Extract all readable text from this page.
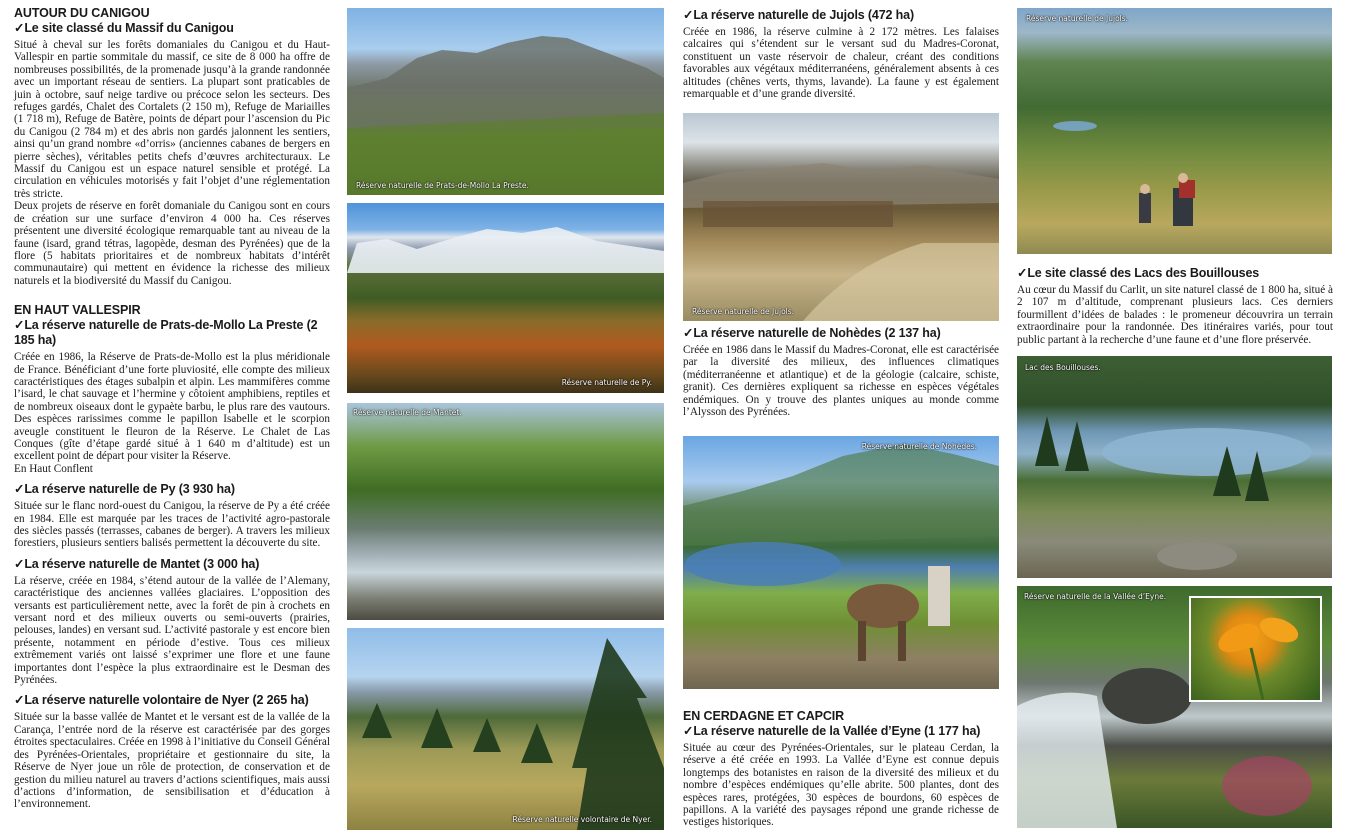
AUTOUR DU CANIGOU
✓Le site classé du Massif du Canigou

Situé à cheval sur les forêts domaniales du Canigou et du Haut-Vallespir en partie sommitale du massif, ce site de 8 000 ha offre de nombreuses possibilités, de la promenade jusqu’à la grande randonnée avec un important réseau de sentiers. La plupart sont praticables de juin à octobre, sauf neige tardive ou précoce selon les secteurs. Des refuges gardés, Chalet des Cortalets (2 150 m), Refuge de Mariailles (1 718 m), Refuge de Batère, points de départ pour l’ascension du Pic du Canigou (2 784 m) et des abris non gardés jalonnent les sentiers, ainsi qu’un grand nombre «d’orris» (anciennes cabanes de bergers en pierre sèches), véritables petits chefs d’œuvres architecturaux. Le Massif du Canigou est un espace naturel sensible et protégé. La circulation en véhicules motorisés y fait l’objet d’une réglementation très stricte.

Deux projets de réserve en forêt domaniale du Canigou sont en cours de création sur une surface d’environ 4 000 ha. Ces réserves présentent une diversité écologique remarquable tant au niveau de la faune (isard, grand tétras, lagopède, desman des Pyrénées) que de la flore (5 habitats prioritaires et de nombreux habitats d’intérêt communautaire) qui mettent en évidence la richesse des milieux naturels et la biodiversité du Massif du Canigou.

EN HAUT VALLESPIR
✓La réserve naturelle de Prats-de-Mollo La Preste (2 185 ha)

Créée en 1986, la Réserve de Prats-de-Mollo est la plus méridionale de France. Bénéficiant d’une forte pluviosité, elle compte des milieux caractéristiques des étages subalpin et alpin. Les mammifères comme l’isard, le chat sauvage et l’hermine y côtoient amphibiens, reptiles et de nombreux oiseaux dont le gypaète barbu, le plus rare des vautours. Des espèces rarissimes comme le papillon Isabelle et le scorpion aveugle constituent le fleuron de la Réserve. Le Chalet de Las Conques (gîte d’étape gardé situé à 1 640 m d’altitude) est un excellent point de départ pour visiter la Réserve.

En Haut Conflent

✓La réserve naturelle de Py (3 930 ha)

Située sur le flanc nord-ouest du Canigou, la réserve de Py a été créée en 1984. Elle est marquée par les traces de l’activité agro-pastorale des siècles passés (terrasses, cabanes de berger). A travers les milieux forestiers, plusieurs sentiers balisés permettent la découverte du site.

✓La réserve naturelle de Mantet (3 000 ha)

La réserve, créée en 1984, s’étend autour de la vallée de l’Alemany, caractéristique des anciennes vallées glaciaires. L’opposition des versants est particulièrement nette, avec la forêt de pin à crochets en versant nord et des milieux ouverts ou semi-ouverts (prairies, pelouses, landes) en versant sud. L’activité pastorale y est encore bien présente, notamment en période d’estive. Tous ces milieux extrêmement variés ont laissé s’exprimer une flore et une faune importantes dont l’espèce la plus extraordinaire est le Desman des Pyrénées.

✓La réserve naturelle volontaire de Nyer (2 265 ha)

Située sur la basse vallée de Mantet et le versant est de la vallée de la Carança, l’entrée nord de la réserve est caractérisée par des gorges étroites spectaculaires. Créée en 1998 à l’initiative du Conseil Général des Pyrénées-Orientales, propriétaire et gestionnaire du site, la Réserve de Nyer joue un rôle de protection, de conservation et de gestion du milieu naturel au travers d’actions scientifiques, mais aussi d’actions d’information, de sensibilisation et d’éducation à l’environnement.

Réserve naturelle de Prats-de-Mollo La Preste.
Réserve naturelle de Py.
Réserve naturelle de Mantet.
Réserve naturelle volontaire de Nyer.
✓La réserve naturelle de Jujols (472 ha)

Créée en 1986, la réserve culmine à 2 172 mètres. Les falaises calcaires qui s’étendent sur le versant sud du Madres-Coronat, constituent un vaste réservoir de chaleur, créant des conditions favorables aux végétaux méditerranéens, généralement absents à ces altitudes (chênes verts, thyms, lavande). La faune y est également remarquable et d’une grande diversité.

Réserve naturelle de Jujols.
✓La réserve naturelle de Nohèdes (2 137 ha)

Créée en 1986 dans le Massif du Madres-Coronat, elle est caractérisée par la diversité des milieux, des influences climatiques (méditerranéenne et atlantique) et de la géologie (calcaire, schiste, granit). Ces dernières expliquent sa richesse en espèces végétales endémiques. On y trouve des plantes uniques au monde comme l’Alysson des Pyrénées.

Réserve naturelle de Nohèdes.
EN CERDAGNE ET CAPCIR
✓La réserve naturelle de la Vallée d’Eyne (1 177 ha)

Située au cœur des Pyrénées-Orientales, sur le plateau Cerdan, la réserve a été créée en 1993. La Vallée d’Eyne est connue depuis longtemps des botanistes en raison de la diversité des milieux et du nombre d’espèces endémiques qu’elle abrite. 500 plantes, dont des espèces rares, protégées, 30 espèces de bourdons, 60 espèces de papillons. A la variété des paysages répond une grande richesse de vestiges historiques.

Réserve naturelle de Jujols.
✓Le site classé des Lacs des Bouillouses

Au cœur du Massif du Carlit, un site naturel classé de 1 800 ha, situé à 2 107 m d’altitude, comprenant plusieurs lacs. Ces derniers fourmillent d’idées de balades : le promeneur découvrira un terrain extraordinaire pour la randonnée. Des itinéraires variés, pour tout public partant à la recherche d’une faune et d’une flore préservée.

Lac des Bouillouses.
Réserve naturelle de la Vallée d’Eyne.
